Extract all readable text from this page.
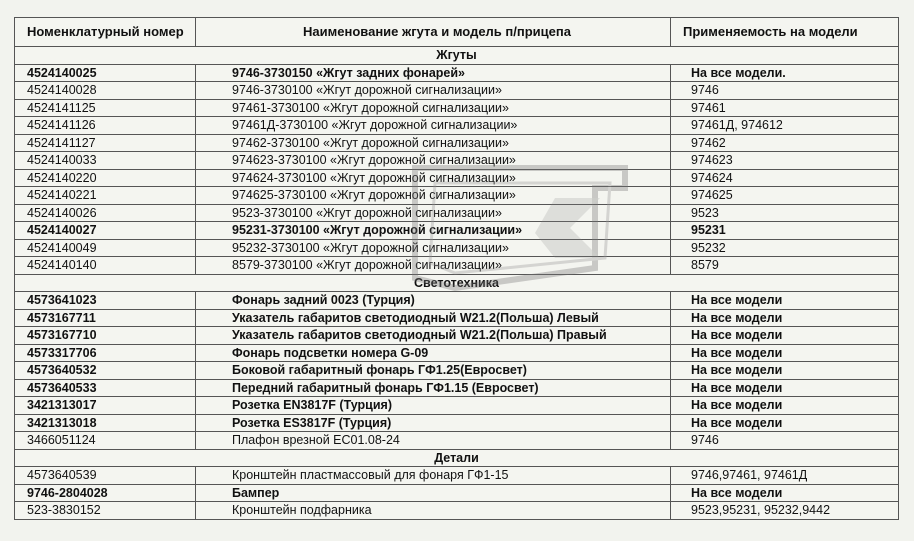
Номенклатурный номер	Наименование жгута и модель п/прицепа	Применяемость на модели
Жгуты		
4524140025	9746-3730150 «Жгут задних фонарей»	На все модели.
4524140028	9746-3730100 «Жгут дорожной сигнализации»	9746
4524141125	97461-3730100 «Жгут дорожной сигнализации»	97461
4524141126	97461Д-3730100 «Жгут дорожной сигнализации»	97461Д, 974612
4524141127	97462-3730100 «Жгут дорожной сигнализации»	97462
4524140033	974623-3730100 «Жгут дорожной сигнализации»	974623
4524140220	974624-3730100 «Жгут дорожной сигнализации»	974624
4524140221	974625-3730100 «Жгут дорожной сигнализации»	974625
4524140026	9523-3730100 «Жгут дорожной сигнализации»	9523
4524140027	95231-3730100 «Жгут дорожной сигнализации»	95231
4524140049	95232-3730100 «Жгут дорожной сигнализации»	95232
4524140140	8579-3730100 «Жгут дорожной сигнализации»	8579
Светотехника		
4573641023	Фонарь задний 0023 (Турция)	На все модели
4573167711	Указатель габаритов светодиодный W21.2(Польша) Левый	На все модели
4573167710	Указатель габаритов светодиодный W21.2(Польша) Правый	На все модели
4573317706	Фонарь подсветки номера G-09	На все модели
4573640532	Боковой габаритный фонарь ГФ1.25(Евросвет)	На все модели
4573640533	Передний габаритный фонарь ГФ1.15 (Евросвет)	На все модели
3421313017	Розетка EN3817F (Турция)	На все модели
3421313018	Розетка ES3817F (Турция)	На все модели
3466051124	Плафон врезной ЕС01.08-24	9746
Детали		
4573640539	Кронштейн пластмассовый для фонаря ГФ1-15	9746,97461, 97461Д
9746-2804028	Бампер	На все модели
523-3830152	Кронштейн подфарника	9523,95231, 95232,9442
